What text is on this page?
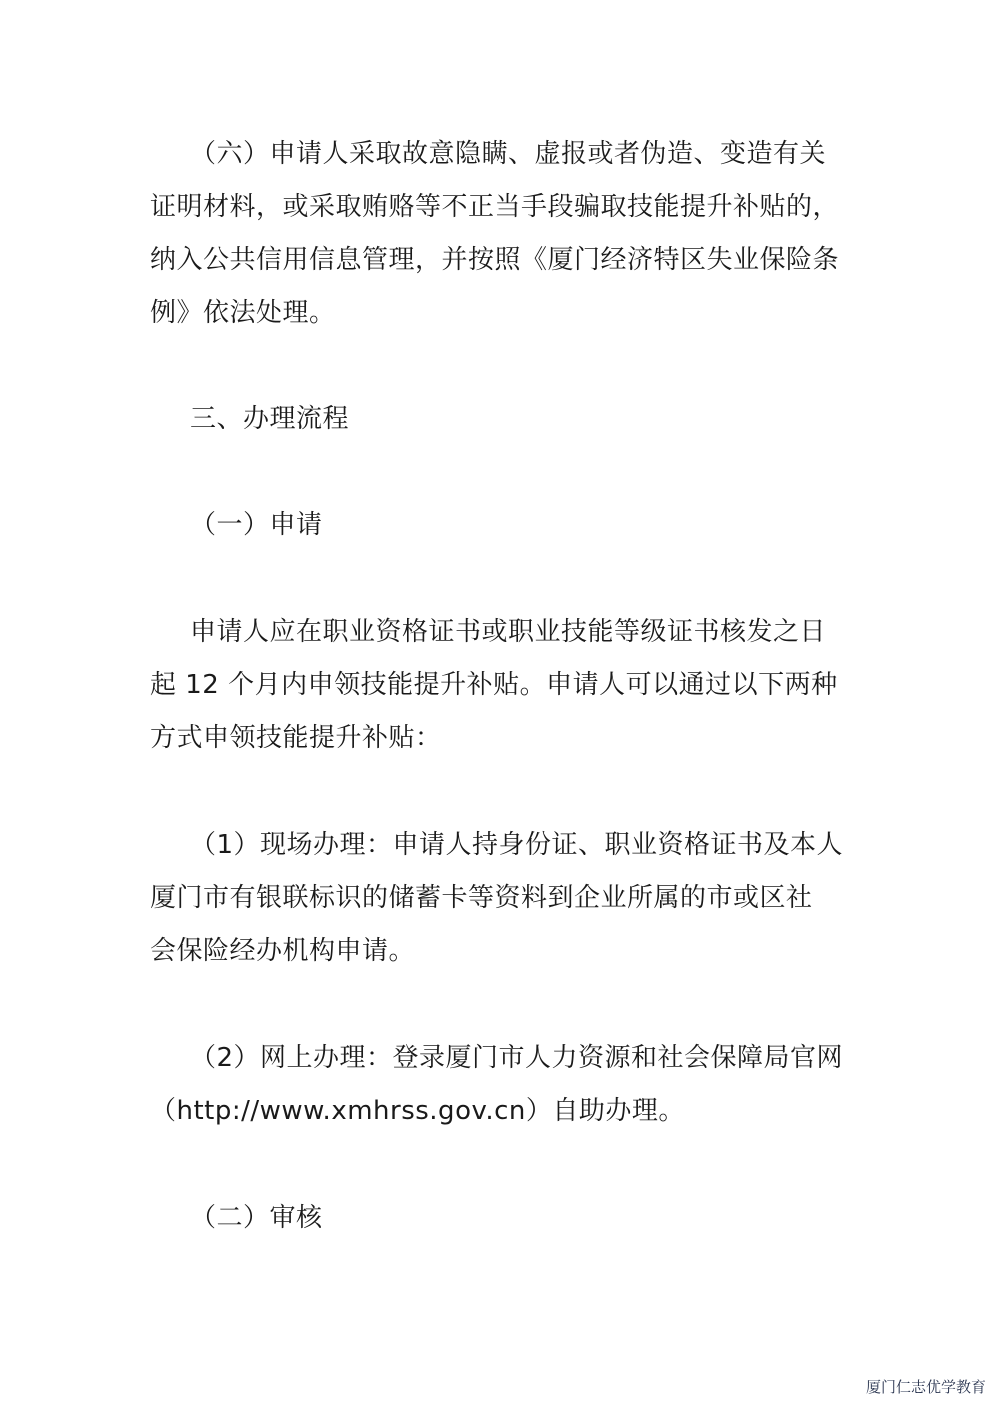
（六）申请人采取故意隐瞒、虚报或者伪造、变造有关
证明材料，或采取贿赂等不正当手段骗取技能提升补贴的，
纳入公共信用信息管理，并按照《厦门经济特区失业保险条
例》依法处理。
三、办理流程
（一）申请
申请人应在职业资格证书或职业技能等级证书核发之日
起 12 个月内申领技能提升补贴。申请人可以通过以下两种
方式申领技能提升补贴：
（1）现场办理：申请人持身份证、职业资格证书及本人
厦门市有银联标识的储蓄卡等资料到企业所属的市或区社
会保险经办机构申请。
（2）网上办理：登录厦门市人力资源和社会保障局官网
（http://www.xmhrss.gov.cn）自助办理。
（二）审核
厦门仁志优学教育
